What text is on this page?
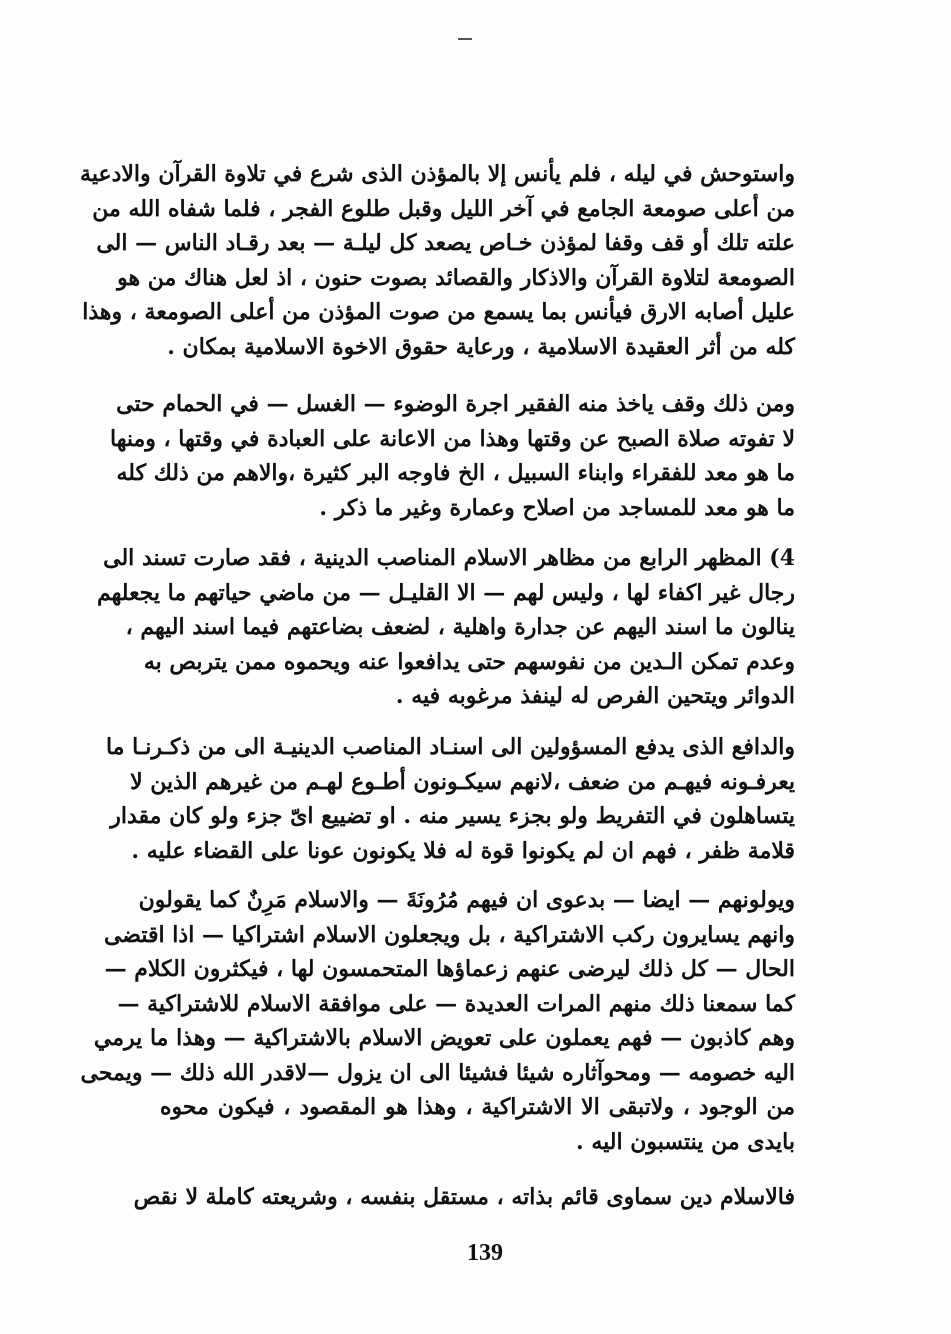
واستوحش في ليله ، فلم يأنس إلا بالمؤذن الذى شرع في تلاوة القرآن والادعية
من أعلى صومعة الجامع في آخر الليل وقبل طلوع الفجر ، فلما شفاه الله من
علته تلك أو قف وقفا لمؤذن خـاص يصعد كل ليلـة — بعد رقـاد الناس — الى
الصومعة لتلاوة القرآن والاذكار والقصائد بصوت حنون ، اذ لعل هناك من هو
عليل أصابه الارق فيأنس بما يسمع من صوت المؤذن من أعلى الصومعة ، وهذا
كله من أثر العقيدة الاسلامية ، ورعاية حقوق الاخوة الاسلامية بمكان .
ومن ذلك وقف ياخذ منه الفقير اجرة الوضوء — الغسل — في الحمام حتى
لا تفوته صلاة الصبح عن وقتها وهذا من الاعانة على العبادة في وقتها ، ومنها
ما هو معد للفقراء وابناء السبيل ، الخ فاوجه البر كثيرة ،والاهم من ذلك كله
ما هو معد للمساجد من اصلاح وعمارة وغير ما ذكر .
4) المظهر الرابع من مظاهر الاسلام المناصب الدينية ، فقد صارت تسند الى
رجال غير اكفاء لها ، وليس لهم — الا القليـل — من ماضي حياتهم ما يجعلهم
ينالون ما اسند اليهم عن جدارة واهلية ، لضعف بضاعتهم فيما اسند اليهم ،
وعدم تمكن الـدين من نفوسهم حتى يدافعوا عنه ويحموه ممن يتربص به
الدوائر ويتحين الفرص له لينفذ مرغوبه فيه .
والدافع الذى يدفع المسؤولين الى اسنـاد المناصب الدينيـة الى من ذكـرنـا ما
يعرفـونه فيهـم من ضعف ،لانهم سيكـونون أطـوع لهـم من غيرهم الذين لا
يتساهلون في التفريط ولو بجزء يسير منه . او تضييع اىّ جزء ولو كان مقدار
قلامة ظفر ، فهم ان لم يكونوا قوة له فلا يكونون عونا على القضاء عليه .
ويولونهم — ايضا — بدعوى ان فيهم مُرُونَةَ — والاسلام مَرِنٌ كما يقولون
وانهم يسايرون ركب الاشتراكية ، بل ويجعلون الاسلام اشتراكيا — اذا اقتضى
الحال — كل ذلك ليرضى عنهم زعماؤها المتحمسون لها ، فيكثرون الكلام —
كما سمعنا ذلك منهم المرات العديدة — على موافقة الاسلام للاشتراكية —
وهم كاذبون — فهم يعملون على تعويض الاسلام بالاشتراكية — وهذا ما يرمي
اليه خصومه — ومحوآثاره شيئا فشيئا الى ان يزول —لاقدر الله ذلك — ويمحى
من الوجود ، ولاتبقى الا الاشتراكية ، وهذا هو المقصود ، فيكون محوه
بايدى من ينتسبون اليه .
فالاسلام دين سماوى قائم بذاته ، مستقل بنفسه ، وشريعته كاملة لا نقص
139
